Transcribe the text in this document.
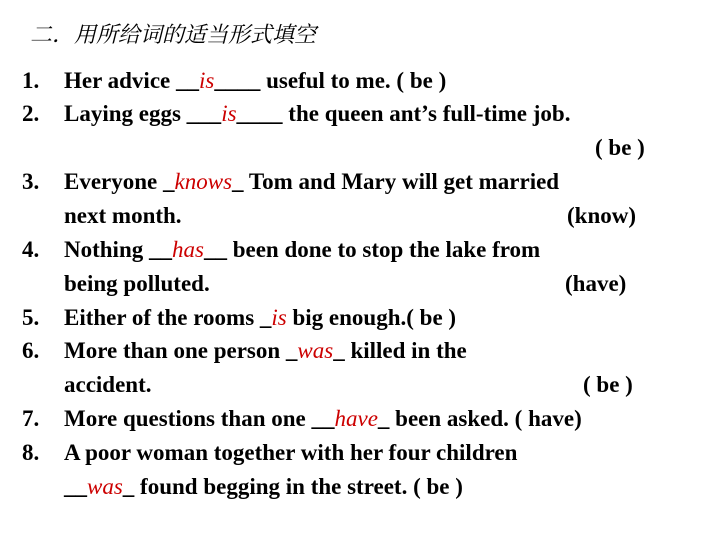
二．用所给词的适当形式填空
1. Her advice __is____ useful to me. ( be )
2. Laying eggs ___is____ the queen ant’s full-time job.
( be )
3. Everyone _knows_ Tom and Mary will get married
next month.	(know)
4. Nothing __has__ been done to stop the lake from
being polluted.	(have)
5. Either of the rooms _is big enough.( be )
6. More than one person _was_ killed in the
accident.	( be )
7. More questions than one __have_ been asked. ( have)
8. A poor woman together with her four children
__was_ found begging in the street. ( be )
